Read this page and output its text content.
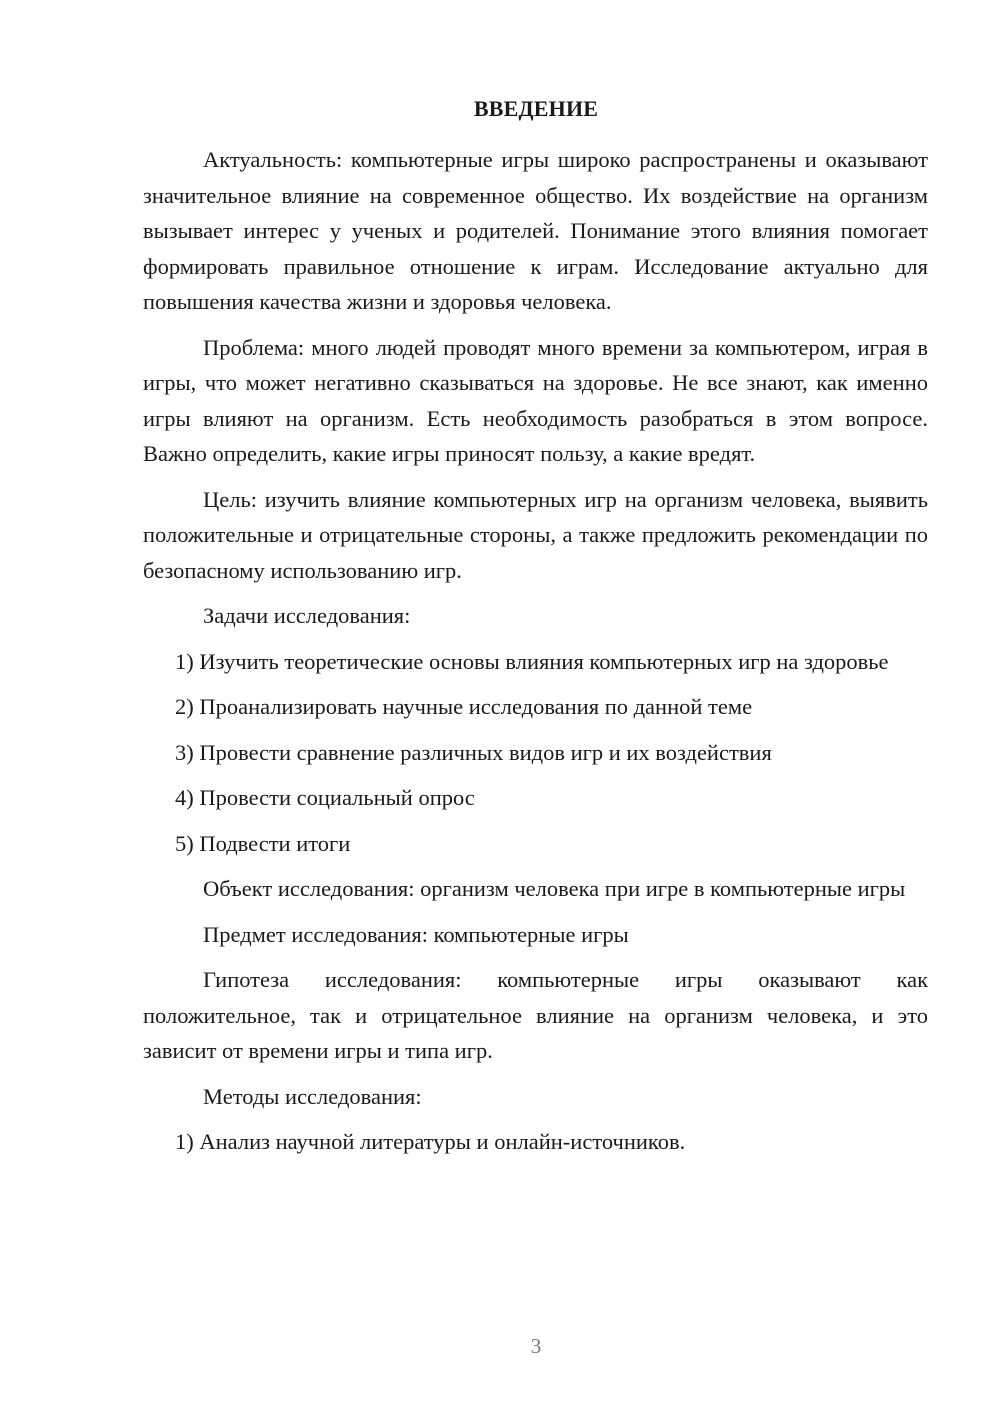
ВВЕДЕНИЕ

Актуальность: компьютерные игры широко распространены и оказывают значительное влияние на современное общество. Их воздействие на организм вызывает интерес у ученых и родителей. Понимание этого влияния помогает формировать правильное отношение к играм. Исследование актуально для повышения качества жизни и здоровья человека.

Проблема: много людей проводят много времени за компьютером, играя в игры, что может негативно сказываться на здоровье. Не все знают, как именно игры влияют на организм. Есть необходимость разобраться в этом вопросе. Важно определить, какие игры приносят пользу, а какие вредят.

Цель: изучить влияние компьютерных игр на организм человека, выявить положительные и отрицательные стороны, а также предложить рекомендации по безопасному использованию игр.

Задачи исследования:

1) Изучить теоретические основы влияния компьютерных игр на здоровье

2) Проанализировать научные исследования по данной теме

3) Провести сравнение различных видов игр и их воздействия

4) Провести социальный опрос

5) Подвести итоги

Объект исследования: организм человека при игре в компьютерные игры

Предмет исследования: компьютерные игры

Гипотеза исследования: компьютерные игры оказывают как положительное, так и отрицательное влияние на организм человека, и это зависит от времени игры и типа игр.

Методы исследования:

1) Анализ научной литературы и онлайн-источников.

3
